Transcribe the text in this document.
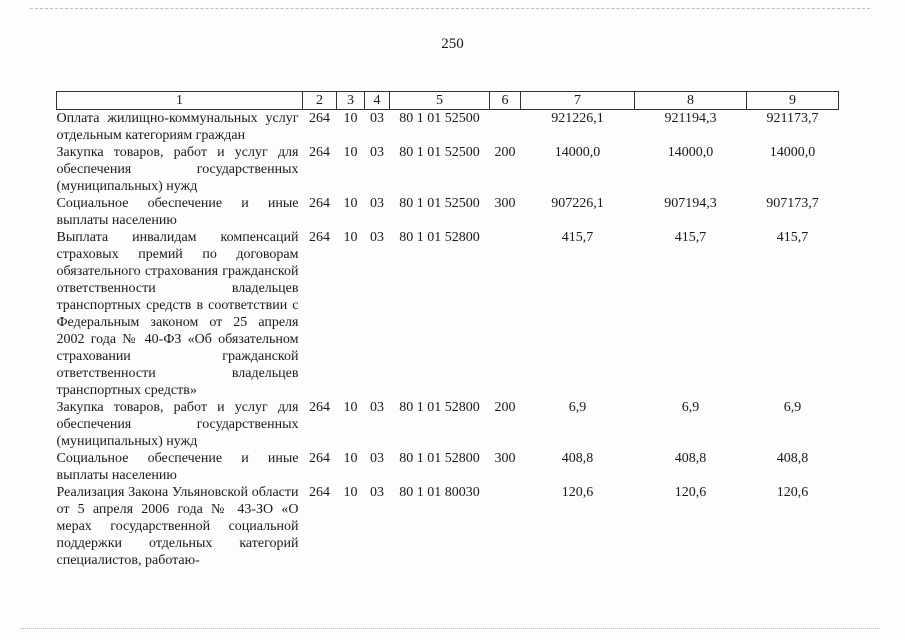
250
1	2	3	4	5	6	7	8	9
Оплата жилищно-коммунальных услуг отдельным категориям граждан	264	10	03	80 1 01 52500		921226,1	921194,3	921173,7
Закупка товаров, работ и услуг для обеспечения государственных (муниципальных) нужд	264	10	03	80 1 01 52500	200	14000,0	14000,0	14000,0
Социальное обеспечение и иные выплаты населению	264	10	03	80 1 01 52500	300	907226,1	907194,3	907173,7
Выплата инвалидам компенсаций страховых премий по договорам обязательного страхования гражданской ответственности владельцев транспортных средств в соответствии с Федеральным законом от 25 апреля 2002 года № 40-ФЗ «Об обязательном страховании гражданской ответственности владельцев транспортных средств»	264	10	03	80 1 01 52800		415,7	415,7	415,7
Закупка товаров, работ и услуг для обеспечения государственных (муниципальных) нужд	264	10	03	80 1 01 52800	200	6,9	6,9	6,9
Социальное обеспечение и иные выплаты населению	264	10	03	80 1 01 52800	300	408,8	408,8	408,8
Реализация Закона Ульяновской области от 5 апреля 2006 года № 43-ЗО «О мерах государственной социальной поддержки отдельных категорий специалистов, работаю-	264	10	03	80 1 01 80030		120,6	120,6	120,6
